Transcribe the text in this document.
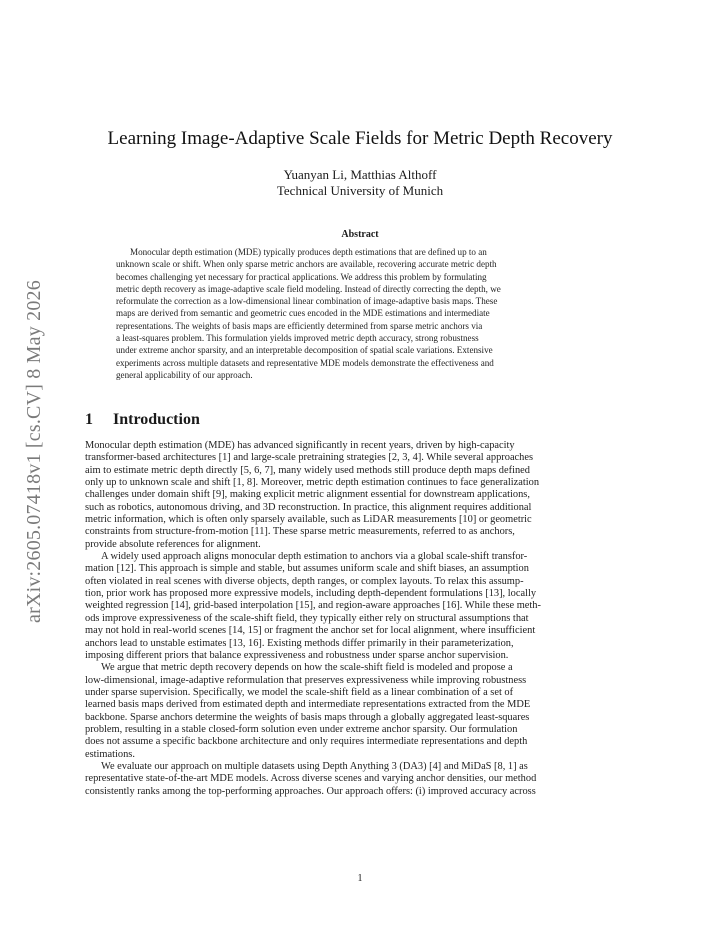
arXiv:2605.07418v1 [cs.CV] 8 May 2026
Learning Image-Adaptive Scale Fields for Metric Depth Recovery
Yuanyan Li, Matthias Althoff
Technical University of Munich
Abstract
Monocular depth estimation (MDE) typically produces depth estimations that are defined up to an
unknown scale or shift. When only sparse metric anchors are available, recovering accurate metric depth
becomes challenging yet necessary for practical applications. We address this problem by formulating
metric depth recovery as image-adaptive scale field modeling. Instead of directly correcting the depth, we
reformulate the correction as a low-dimensional linear combination of image-adaptive basis maps. These
maps are derived from semantic and geometric cues encoded in the MDE estimations and intermediate
representations. The weights of basis maps are efficiently determined from sparse metric anchors via
a least-squares problem. This formulation yields improved metric depth accuracy, strong robustness
under extreme anchor sparsity, and an interpretable decomposition of spatial scale variations. Extensive
experiments across multiple datasets and representative MDE models demonstrate the effectiveness and
general applicability of our approach.
1 Introduction
Monocular depth estimation (MDE) has advanced significantly in recent years, driven by high-capacity
transformer-based architectures [1] and large-scale pretraining strategies [2, 3, 4]. While several approaches
aim to estimate metric depth directly [5, 6, 7], many widely used methods still produce depth maps defined
only up to unknown scale and shift [1, 8]. Moreover, metric depth estimation continues to face generalization
challenges under domain shift [9], making explicit metric alignment essential for downstream applications,
such as robotics, autonomous driving, and 3D reconstruction. In practice, this alignment requires additional
metric information, which is often only sparsely available, such as LiDAR measurements [10] or geometric
constraints from structure-from-motion [11]. These sparse metric measurements, referred to as anchors,
provide absolute references for alignment.
A widely used approach aligns monocular depth estimation to anchors via a global scale-shift transfor-
mation [12]. This approach is simple and stable, but assumes uniform scale and shift biases, an assumption
often violated in real scenes with diverse objects, depth ranges, or complex layouts. To relax this assump-
tion, prior work has proposed more expressive models, including depth-dependent formulations [13], locally
weighted regression [14], grid-based interpolation [15], and region-aware approaches [16]. While these meth-
ods improve expressiveness of the scale-shift field, they typically either rely on structural assumptions that
may not hold in real-world scenes [14, 15] or fragment the anchor set for local alignment, where insufficient
anchors lead to unstable estimates [13, 16]. Existing methods differ primarily in their parameterization,
imposing different priors that balance expressiveness and robustness under sparse anchor supervision.
We argue that metric depth recovery depends on how the scale-shift field is modeled and propose a
low-dimensional, image-adaptive reformulation that preserves expressiveness while improving robustness
under sparse supervision. Specifically, we model the scale-shift field as a linear combination of a set of
learned basis maps derived from estimated depth and intermediate representations extracted from the MDE
backbone. Sparse anchors determine the weights of basis maps through a globally aggregated least-squares
problem, resulting in a stable closed-form solution even under extreme anchor sparsity. Our formulation
does not assume a specific backbone architecture and only requires intermediate representations and depth
estimations.
We evaluate our approach on multiple datasets using Depth Anything 3 (DA3) [4] and MiDaS [8, 1] as
representative state-of-the-art MDE models. Across diverse scenes and varying anchor densities, our method
consistently ranks among the top-performing approaches. Our approach offers: (i) improved accuracy across
1
